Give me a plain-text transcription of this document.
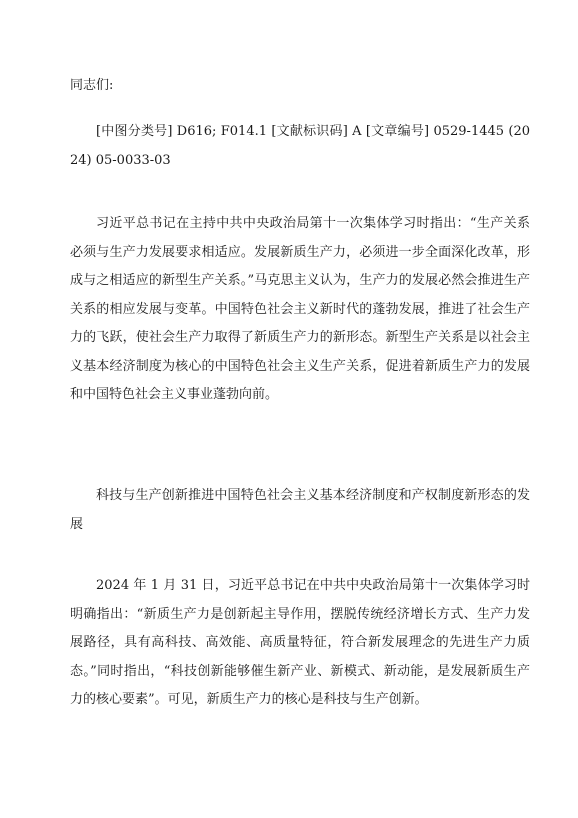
同志们:

[中图分类号] D616; F014.1 [文献标识码] A [文章编号] 0529-1445 (2024) 05-0033-03

习近平总书记在主持中共中央政治局第十一次集体学习时指出：“生产关系必须与生产力发展要求相适应。发展新质生产力，必须进一步全面深化改革，形成与之相适应的新型生产关系。”马克思主义认为，生产力的发展必然会推进生产关系的相应发展与变革。中国特色社会主义新时代的蓬勃发展，推进了社会生产力的飞跃，使社会生产力取得了新质生产力的新形态。新型生产关系是以社会主义基本经济制度为核心的中国特色社会主义生产关系，促进着新质生产力的发展和中国特色社会主义事业蓬勃向前。

科技与生产创新推进中国特色社会主义基本经济制度和产权制度新形态的发展

2024 年 1 月 31 日，习近平总书记在中共中央政治局第十一次集体学习时明确指出：“新质生产力是创新起主导作用，摆脱传统经济增长方式、生产力发展路径，具有高科技、高效能、高质量特征，符合新发展理念的先进生产力质态。”同时指出，“科技创新能够催生新产业、新模式、新动能，是发展新质生产力的核心要素”。可见，新质生产力的核心是科技与生产创新。
